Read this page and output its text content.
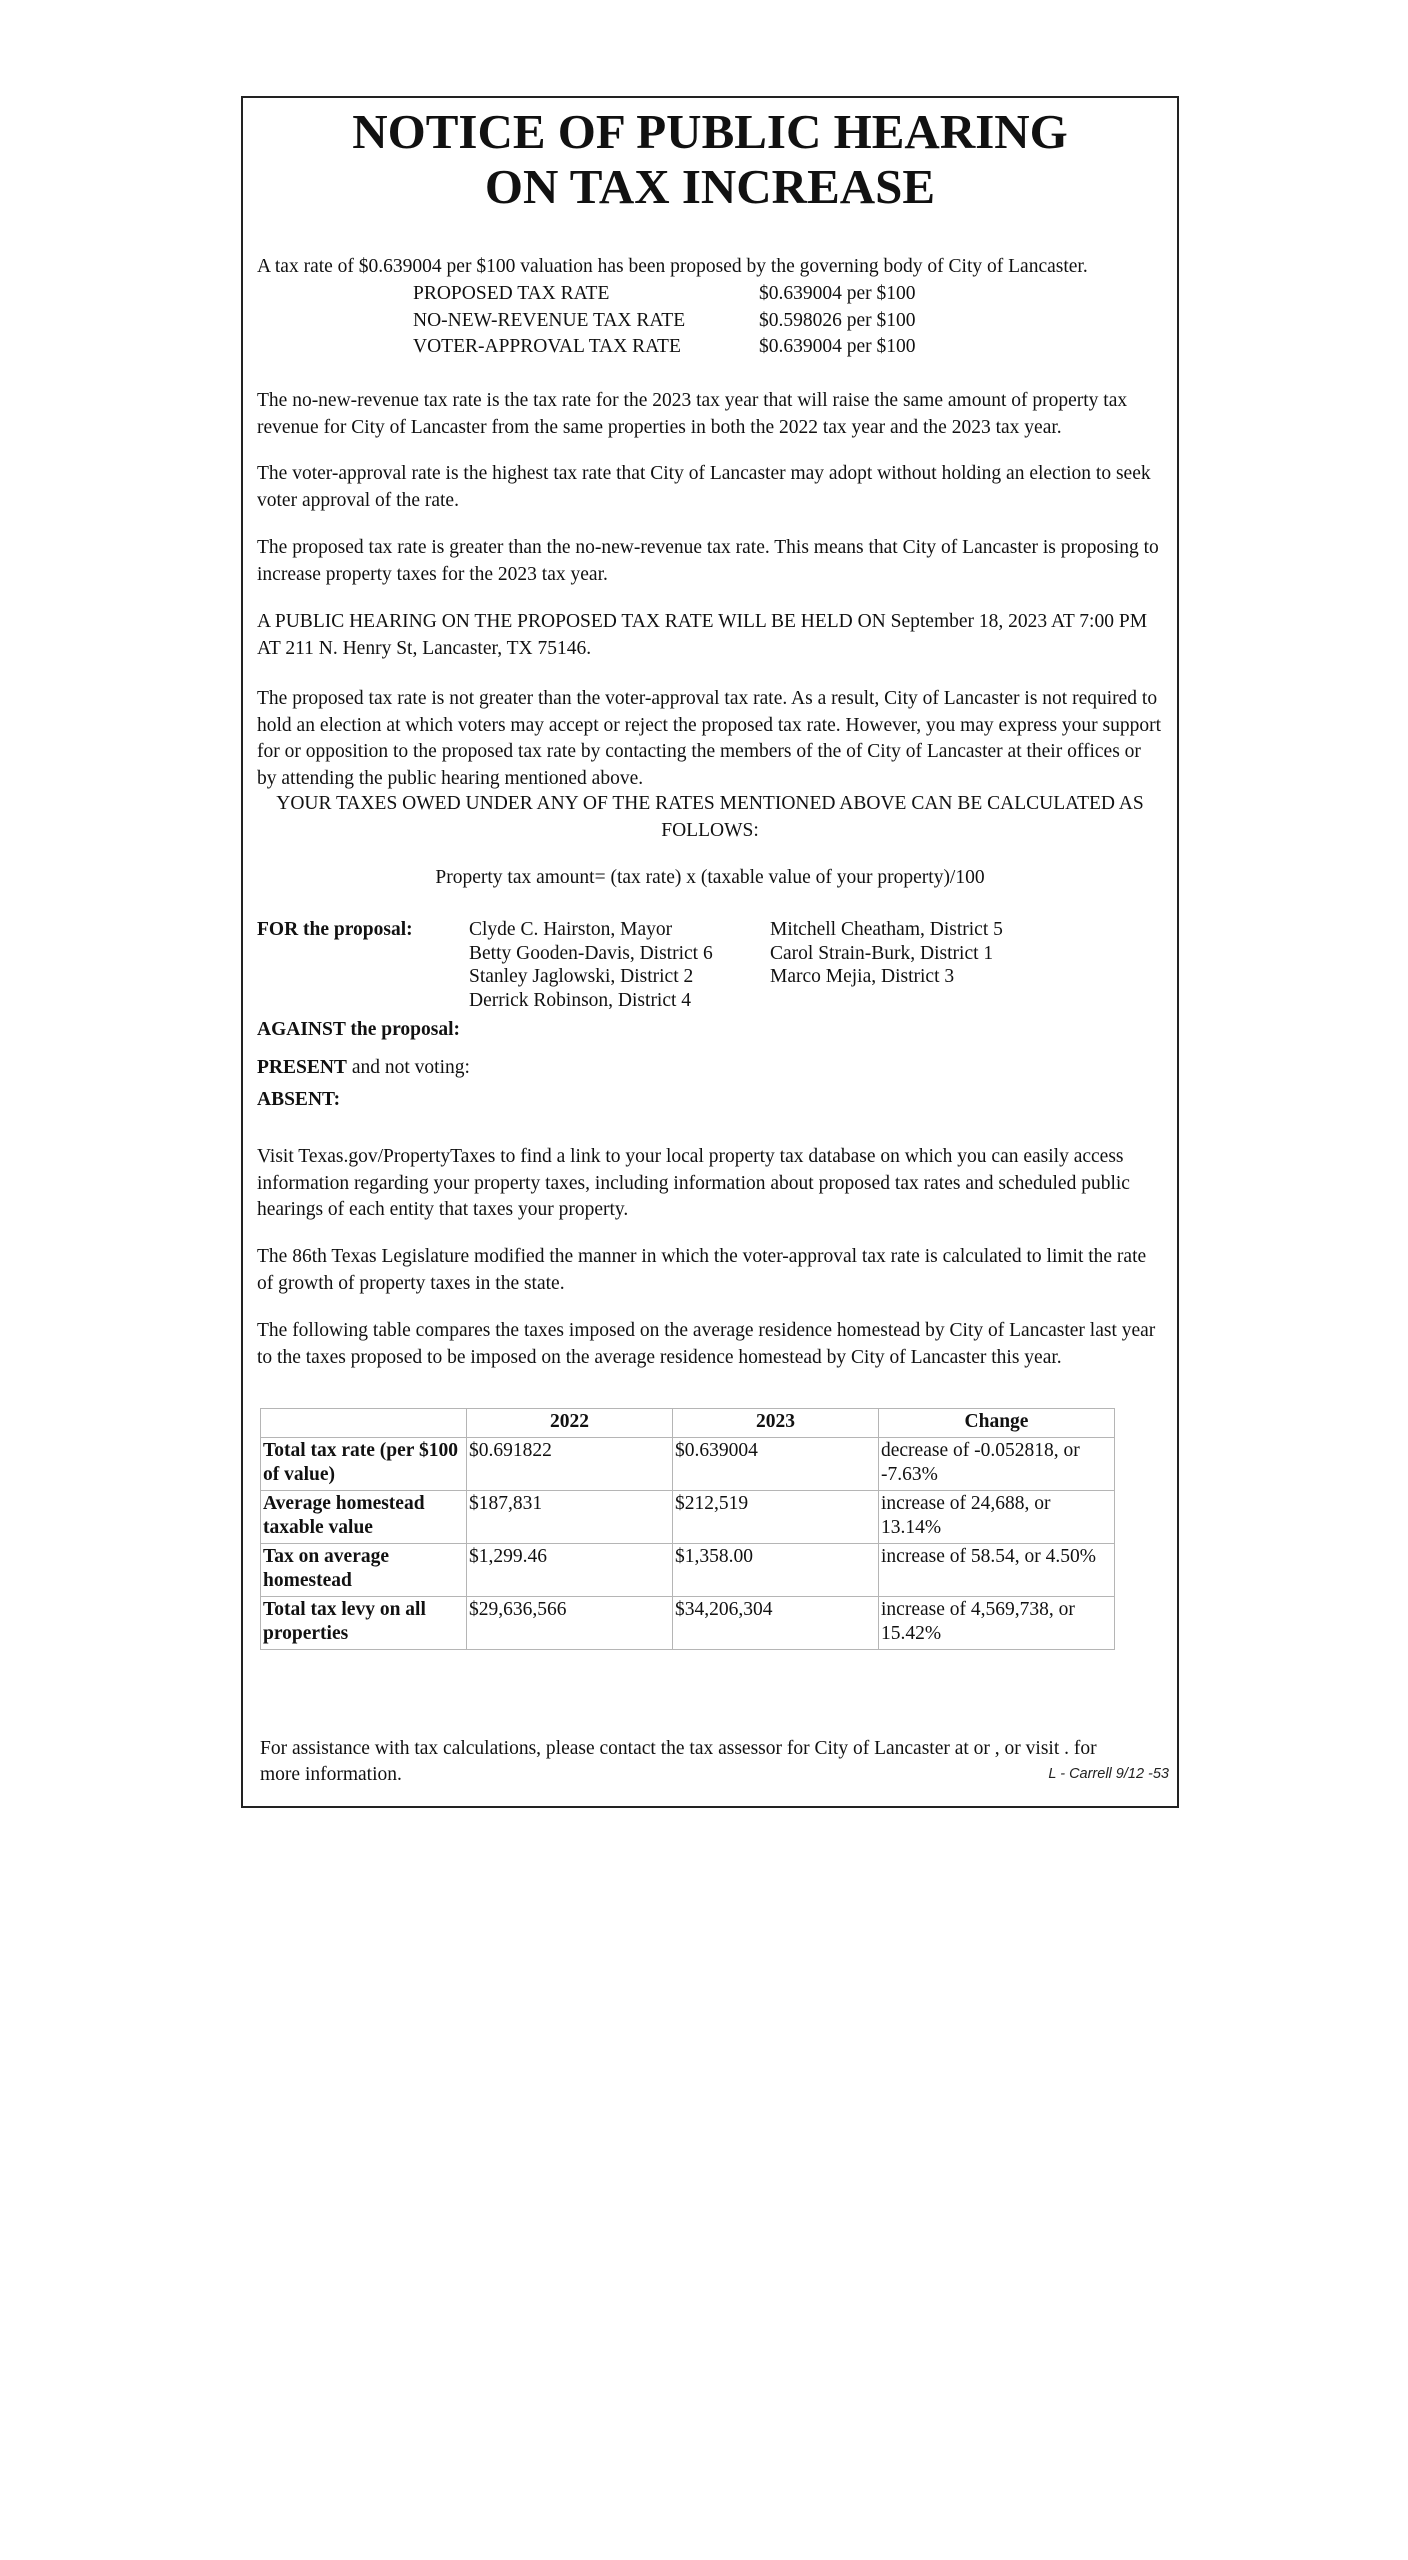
NOTICE OF PUBLIC HEARING
ON TAX INCREASE

A tax rate of $0.639004 per $100 valuation has been proposed by the governing body of City of Lancaster.

PROPOSED TAX RATE	$0.639004 per $100
NO-NEW-REVENUE TAX RATE	$0.598026 per $100
VOTER-APPROVAL TAX RATE	$0.639004 per $100

The no-new-revenue tax rate is the tax rate for the 2023 tax year that will raise the same amount of property tax revenue for City of Lancaster from the same properties in both the 2022 tax year and the 2023 tax year.

The voter-approval rate is the highest tax rate that City of Lancaster may adopt without holding an election to seek voter approval of the rate.

The proposed tax rate is greater than the no-new-revenue tax rate. This means that City of Lancaster is proposing to increase property taxes for the 2023 tax year.

A PUBLIC HEARING ON THE PROPOSED TAX RATE WILL BE HELD ON September 18, 2023 AT 7:00 PM AT 211 N. Henry St, Lancaster, TX 75146.

The proposed tax rate is not greater than the voter-approval tax rate. As a result, City of Lancaster is not required to hold an election at which voters may accept or reject the proposed tax rate. However, you may express your support for or opposition to the proposed tax rate by contacting the members of the of City of Lancaster at their offices or by attending the public hearing mentioned above.

YOUR TAXES OWED UNDER ANY OF THE RATES MENTIONED ABOVE CAN BE CALCULATED AS FOLLOWS:

Property tax amount= (tax rate) x (taxable value of your property)/100

FOR the proposal:	Clyde C. Hairston, Mayor
Betty Gooden-Davis, District 6
Stanley Jaglowski, District 2
Derrick Robinson, District 4
Mitchell Cheatham, District 5
Carol Strain-Burk, District 1
Marco Mejia, District 3
AGAINST the proposal:
PRESENT and not voting:
ABSENT:

Visit Texas.gov/PropertyTaxes to find a link to your local property tax database on which you can easily access information regarding your property taxes, including information about proposed tax rates and scheduled public hearings of each entity that taxes your property.

The 86th Texas Legislature modified the manner in which the voter-approval tax rate is calculated to limit the rate of growth of property taxes in the state.

The following table compares the taxes imposed on the average residence homestead by City of Lancaster last year to the taxes proposed to be imposed on the average residence homestead by City of Lancaster this year.

	2022	2023	Change
Total tax rate (per $100 of value)	$0.691822	$0.639004	decrease of -0.052818, or -7.63%
Average homestead taxable value	$187,831	$212,519	increase of 24,688, or 13.14%
Tax on average homestead	$1,299.46	$1,358.00	increase of 58.54, or 4.50%
Total tax levy on all properties	$29,636,566	$34,206,304	increase of 4,569,738, or 15.42%
For assistance with tax calculations, please contact the tax assessor for City of Lancaster at or , or visit . for
more information.	L - Carrell 9/12 -53
